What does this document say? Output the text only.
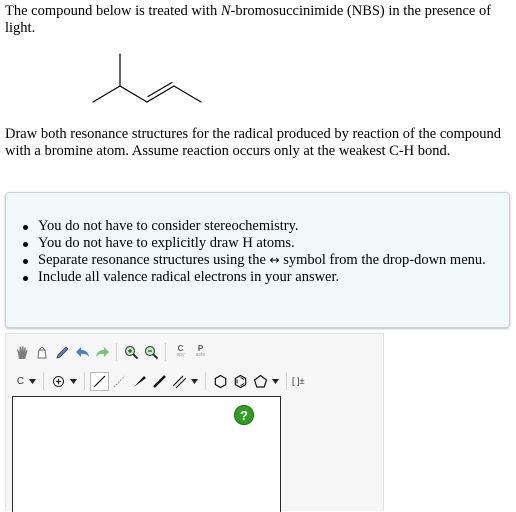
The compound below is treated with N-bromosuccinimide (NBS) in the presence of light.
Draw both resonance structures for the radical produced by reaction of the compound with a bromine atom. Assume reaction occurs only at the weakest C-H bond.
You do not have to consider stereochemistry.
You do not have to explicitly draw H atoms.
Separate resonance structures using the ↔ symbol from the drop-down menu.
Include all valence radical electrons in your answer.
C
opy
P
aste
C	[ ]±
?
